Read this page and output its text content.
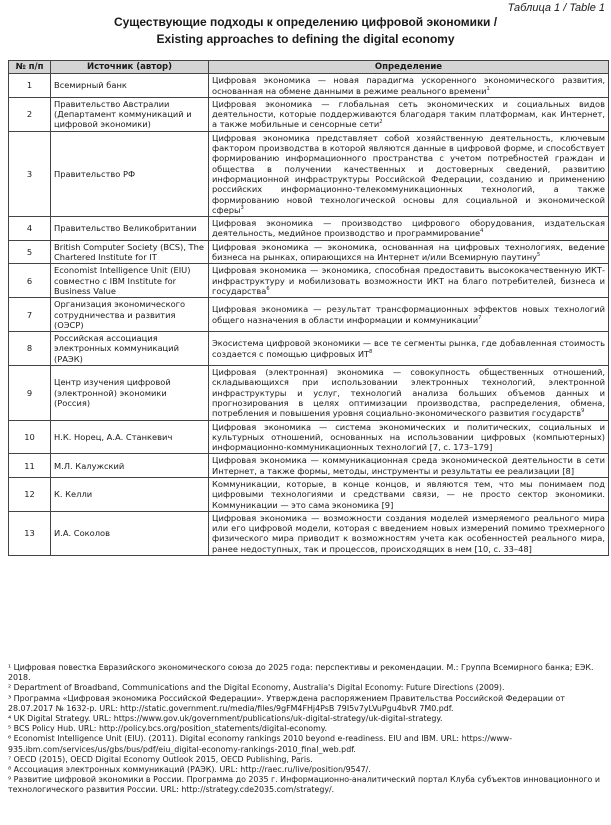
Таблица 1 / Table 1
Существующие подходы к определению цифровой экономики /
Existing approaches to defining the digital economy
№ п/п	Источник (автор)	Определение
1	Всемирный банк	Цифровая экономика — новая парадигма ускоренного экономического развития, основанная на обмене данными в режиме реального времени$^1$
2	Правительство Австралии (Департамент коммуникаций и цифровой экономики)	Цифровая экономика — глобальная сеть экономических и социальных видов деятельности, которые поддерживаются благодаря таким платформам, как Интернет, а также мобильные и сенсорные сети$^2$
3	Правительство РФ	Цифровая экономика представляет собой хозяйственную деятельность, ключевым фактором производства в которой являются данные в цифровой форме, и способствует формированию информационного пространства с учетом потребностей граждан и общества в получении качественных и достоверных сведений, развитию информационной инфраструктуры Российской Федерации, созданию и применению российских информационно-телекоммуникационных технологий, а также формированию новой технологической основы для социальной и экономической сферы$^3$
4	Правительство Великобритании	Цифровая экономика — производство цифрового оборудования, издательская деятельность, медийное производство и программирование$^4$
5	British Computer Society (BCS), The Chartered Institute for IT	Цифровая экономика — экономика, основанная на цифровых технологиях, ведение бизнеса на рынках, опирающихся на Интернет и/или Всемирную паутину$^5$
6	Economist Intelligence Unit (EIU) совместно с IBM Institute for Business Value	Цифровая экономика — экономика, способная предоставить высококачественную ИКТ-инфраструктуру и мобилизовать возможности ИКТ на благо потребителей, бизнеса и государства$^6$
7	Организация экономического сотрудничества и развития (ОЭСР)	Цифровая экономика — результат трансформационных эффектов новых технологий общего назначения в области информации и коммуникации$^7$
8	Российская ассоциация электронных коммуникаций (РАЭК)	Экосистема цифровой экономики — все те сегменты рынка, где добавленная стоимость создается с помощью цифровых $ИТ^8$
9	Центр изучения цифровой (электронной) экономики (Россия)	Цифровая (электронная) экономика — совокупность общественных отношений, складывающихся при использовании электронных технологий, электронной инфраструктуры и услуг, технологий анализа больших объемов данных и прогнозирования в целях оптимизации производства, распределения, обмена, потребления и повышения уровня социально-экономического развития государств$^9$
10	Н.К. Норец, А.А. Станкевич	Цифровая экономика — система экономических и политических, социальных и культурных отношений, основанных на использовании цифровых (компьютерных) информационно-коммуникационных технологий [7, с. 173–179]
11	М.Л. Калужский	Цифровая экономика — коммуникационная среда экономической деятельности в сети Интернет, а также формы, методы, инструменты и результаты ее реализации [8]
12	К. Келли	Коммуникации, которые, в конце концов, и являются тем, что мы понимаем под цифровыми технологиями и средствами связи, — не просто сектор экономики. Коммуникации — это сама экономика [9]
13	И.А. Соколов	Цифровая экономика — возможности создания моделей измеряемого реального мира или его цифровой модели, которая с введением новых измерений помимо трехмерного физического мира приводит к возможностям учета как особенностей реального мира, ранее недоступных, так и процессов, происходящих в нем [10, с. 33–48]
¹ Цифровая повестка Евразийского экономического союза до 2025 года: перспективы и рекомендации. М.: Группа Всемирного банка; ЕЭК. 2018.
² Department of Broadband, Communications and the Digital Economy, Australia's Digital Economy: Future Directions (2009).
³ Программа «Цифровая экономика Российской Федерации». Утверждена распоряжением Правительства Российской Федерации от 28.07.2017 № 1632-р. URL: http://static.government.ru/media/files/9gFM4FHj4PsB 79I5v7yLVuPgu4bvR 7M0.pdf.
⁴ UK Digital Strategy. URL: https://www.gov.uk/government/publications/uk-digital-strategy/uk-digital-strategy.
⁵ BCS Policy Hub. URL: http://policy.bcs.org/position_statements/digital-economy.
⁶ Economist Intelligence Unit (EIU). (2011). Digital economy rankings 2010 beyond e-readiness. EIU and IBM. URL: https://www-935.ibm.com/services/us/gbs/bus/pdf/eiu_digital-economy-rankings-2010_final_web.pdf.
⁷ OECD (2015), OECD Digital Economy Outlook 2015, OECD Publishing, Paris.
⁸ Ассоциация электронных коммуникаций (РАЭК). URL: http://raec.ru/live/position/9547/.
⁹ Развитие цифровой экономики в России. Программа до 2035 г. Информационно-аналитический портал Клуба субъектов инновационного и технологического развития России. URL: http://strategy.cde2035.com/strategy/.
